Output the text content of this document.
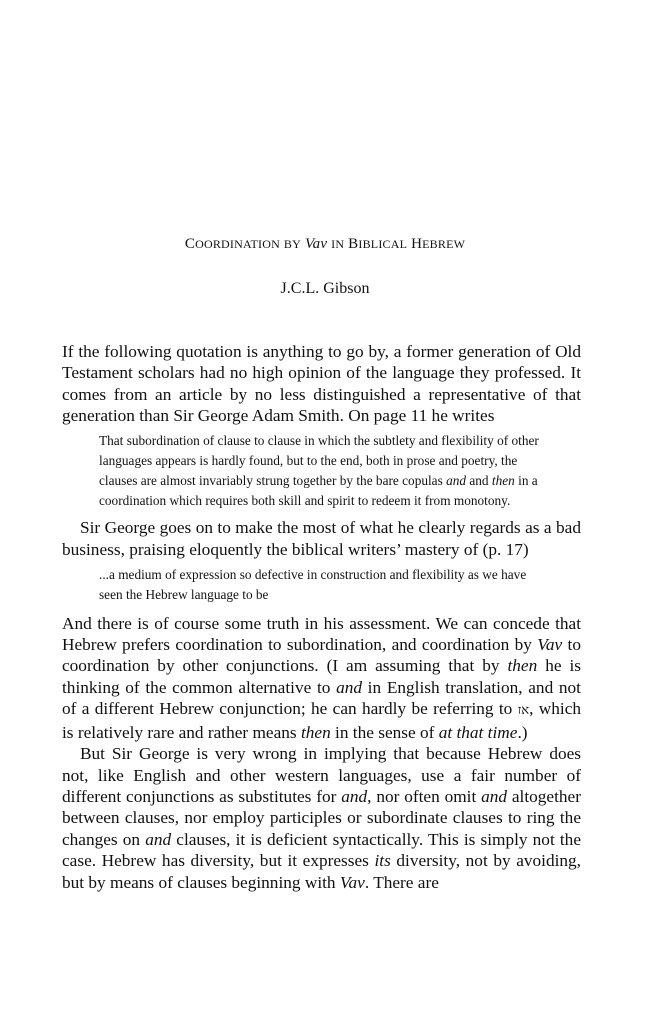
COORDINATION BY Vav IN BIBLICAL HEBREW
J.C.L. Gibson

If the following quotation is anything to go by, a former generation of Old Testament scholars had no high opinion of the language they professed. It comes from an article by no less distinguished a representative of that generation than Sir George Adam Smith. On page 11 he writes

That subordination of clause to clause in which the subtlety and flexibility of other languages appears is hardly found, but to the end, both in prose and poetry, the clauses are almost invariably strung together by the bare copulas and and then in a coordination which requires both skill and spirit to redeem it from monotony.

Sir George goes on to make the most of what he clearly regards as a bad business, praising eloquently the biblical writers’ mastery of (p. 17)

...a medium of expression so defective in construction and flexibility as we have seen the Hebrew language to be

And there is of course some truth in his assessment. We can concede that Hebrew prefers coordination to subordination, and coordination by Vav to coordination by other conjunctions. (I am assuming that by then he is thinking of the common alternative to and in English translation, and not of a different Hebrew conjunction; he can hardly be referring to אז, which is relatively rare and rather means then in the sense of at that time.)

But Sir George is very wrong in implying that because Hebrew does not, like English and other western languages, use a fair number of different conjunctions as substitutes for and, nor often omit and altogether between clauses, nor employ participles or subordinate clauses to ring the changes on and clauses, it is deficient syntactically. This is simply not the case. Hebrew has diversity, but it expresses its diversity, not by avoiding, but by means of clauses beginning with Vav. There are
